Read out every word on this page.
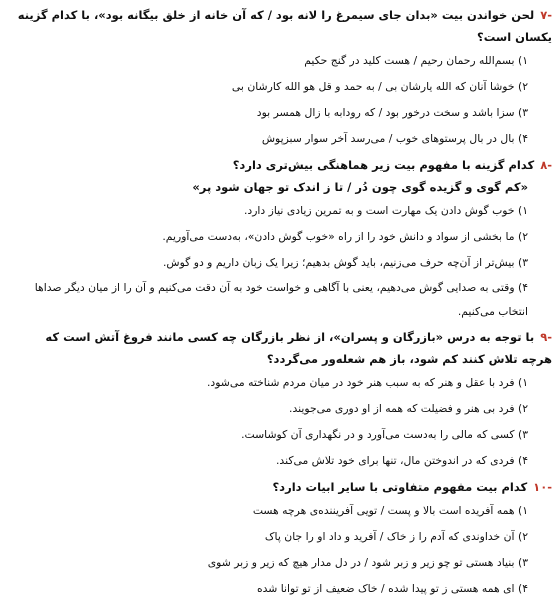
-۷لحن خواندن بیت «بدان جای سیمرغ را لانه بود / که آن خانه از خلق بیگانه بود»، با کدام گزینه یکسان است؟

۱) بسم‌الله رحمان رحیم / هست کلید در گنج حکیم
۲) خوشا آنان که الله یارشان بی / به حمد و قل هو الله کارشان بی
۳) سزا باشد و سخت درخور بود / که رودابه با زال همسر بود
۴) بال در بال پرستوهای خوب / می‌رسد آخر سوار سبزپوش

-۸کدام گزینه با مفهوم بیت زیر هماهنگی بیش‌تری دارد؟

«کم گوی و گزیده گوی چون دُر / تا ز اندک تو جهان شود پر»
۱) خوب گوش دادن یک مهارت است و به تمرین زیادی نیاز دارد.
۲) ما بخشی از سواد و دانش خود را از راه «خوب گوش دادن»، به‌دست می‌آوریم.
۳) بیش‌تر از آن‌چه حرف می‌زنیم، باید گوش بدهیم؛ زیرا یک زبان داریم و دو گوش.
۴) وقتی به صدایی گوش می‌دهیم، یعنی با آگاهی و خواست خود به آن دقت می‌کنیم و آن را از میان دیگر صداها انتخاب می‌کنیم.

-۹با توجه به درس «بازرگان و پسران»، از نظر بازرگان چه کسی مانند فروغ آتش است که هرچه تلاش کنند کم شود، باز هم شعله‌ور می‌گردد؟

۱) فرد با عقل و هنر که به سبب هنر خود در میان مردم شناخته می‌شود.
۲) فرد بی هنر و فضیلت که همه از او دوری می‌جویند.
۳) کسی که مالی را به‌دست می‌آورد و در نگهداری آن کوشاست.
۴) فردی که در اندوختن مال، تنها برای خود تلاش می‌کند.

-۱۰کدام بیت مفهوم متفاوتی با سایر ابیات دارد؟

۱) همه آفریده است بالا و پست / تویی آفریننده‌ی هرچه هست
۲) آن خداوندی که آدم را ز خاک / آفرید و داد او را جان پاک
۳) بنیاد هستی تو چو زیر و زبر شود / در دل مدار هیچ که زیر و زبر شوی
۴) ای همه هستی ز تو پیدا شده / خاک ضعیف از تو توانا شده
